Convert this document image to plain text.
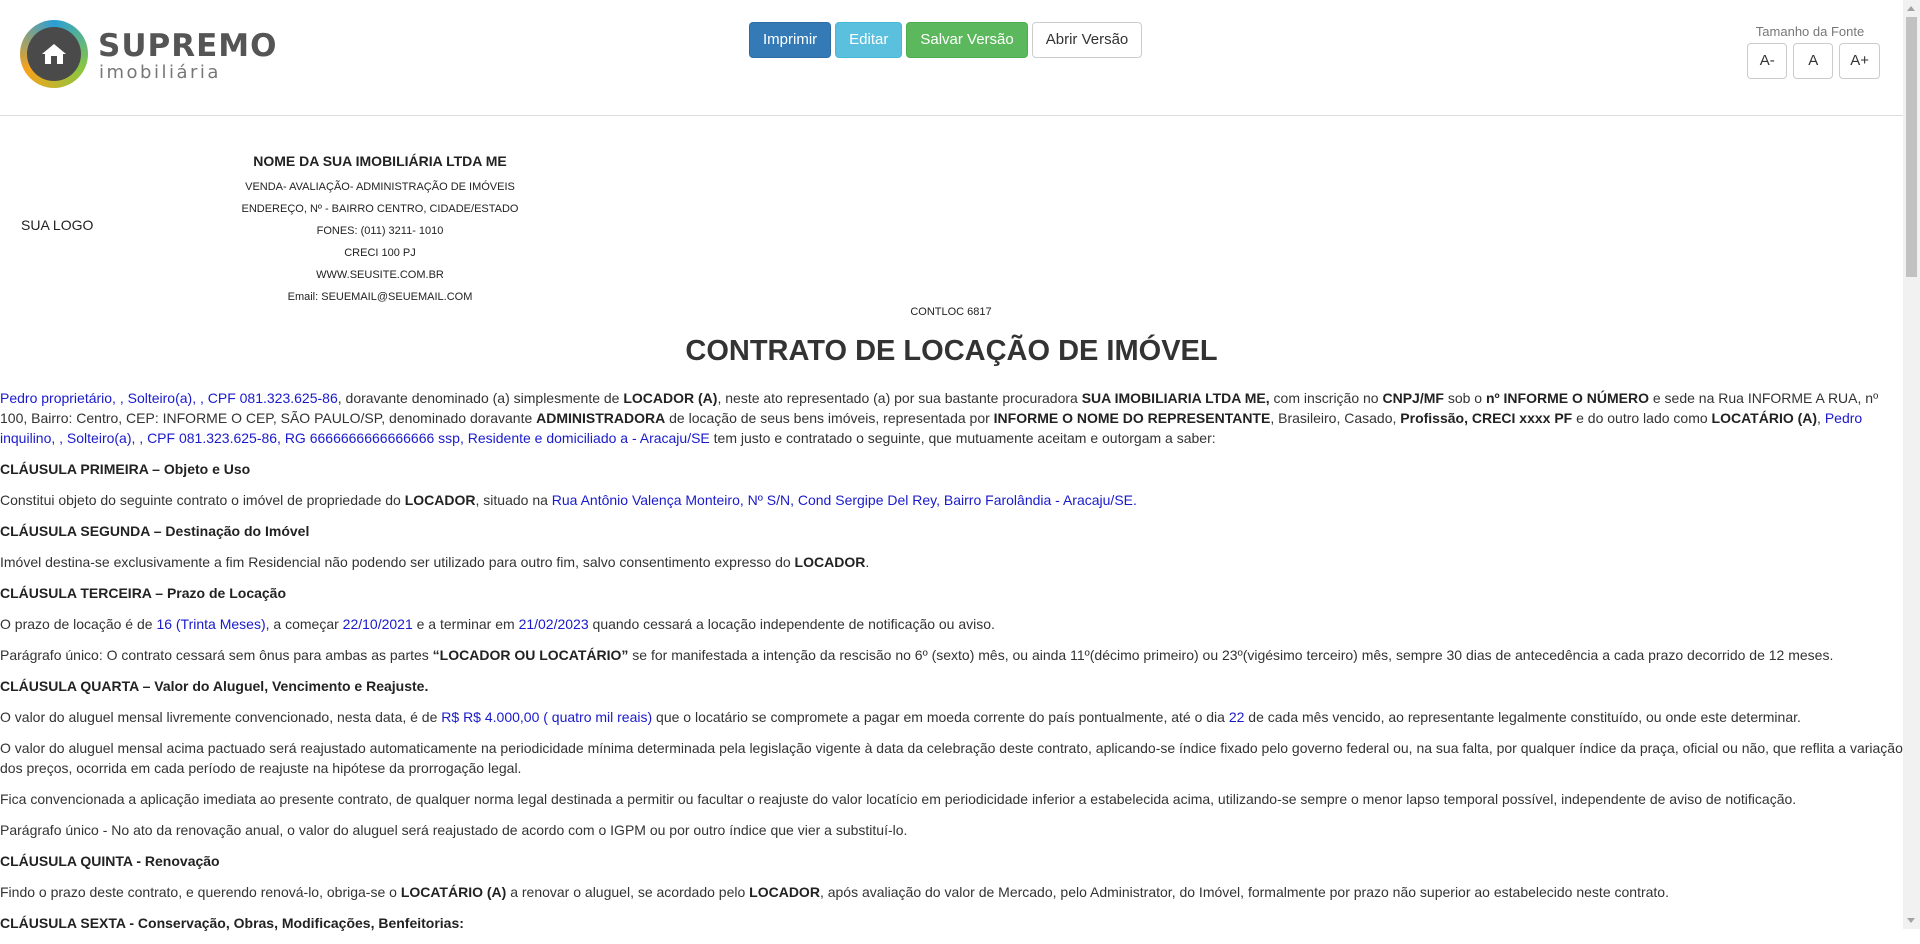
SUPREMO
imobiliária
Imprimir	Editar	Salvar Versão	Abrir Versão	Tamanho da Fonte
A-	A	A+
SUA LOGO
NOME DA SUA IMOBILIÁRIA LTDA ME
VENDA- AVALIAÇÃO- ADMINISTRAÇÃO DE IMÓVEIS
ENDEREÇO, Nº - BAIRRO CENTRO, CIDADE/ESTADO
FONES: (011) 3211- 1010
CRECI 100 PJ
WWW.SEUSITE.COM.BR
Email: SEUEMAIL@SEUEMAIL.COM
CONTLOC 6817
CONTRATO DE LOCAÇÃO DE IMÓVEL

Pedro proprietário, , Solteiro(a), , CPF 081.323.625-86, doravante denominado (a) simplesmente de LOCADOR (A), neste ato representado (a) por sua bastante procuradora SUA IMOBILIARIA LTDA ME, com inscrição no CNPJ/MF sob o nº INFORME O NÚMERO e sede na Rua INFORME A RUA, nº 100, Bairro: Centro, CEP: INFORME O CEP, SÃO PAULO/SP, denominado doravante ADMINISTRADORA de locação de seus bens imóveis, representada por INFORME O NOME DO REPRESENTANTE, Brasileiro, Casado, Profissão, CRECI xxxx PF e do outro lado como LOCATÁRIO (A), Pedro inquilino, , Solteiro(a), , CPF 081.323.625-86, RG 6666666666666666 ssp, Residente e domiciliado a - Aracaju/SE tem justo e contratado o seguinte, que mutuamente aceitam e outorgam a saber:

CLÁUSULA PRIMEIRA – Objeto e Uso

Constitui objeto do seguinte contrato o imóvel de propriedade do LOCADOR, situado na Rua Antônio Valença Monteiro, Nº S/N, Cond Sergipe Del Rey, Bairro Farolândia - Aracaju/SE.

CLÁUSULA SEGUNDA – Destinação do Imóvel

Imóvel destina-se exclusivamente a fim Residencial não podendo ser utilizado para outro fim, salvo consentimento expresso do LOCADOR.

CLÁUSULA TERCEIRA – Prazo de Locação

O prazo de locação é de 16 (Trinta Meses), a começar 22/10/2021 e a terminar em 21/02/2023 quando cessará a locação independente de notificação ou aviso.

Parágrafo único: O contrato cessará sem ônus para ambas as partes “LOCADOR OU LOCATÁRIO” se for manifestada a intenção da rescisão no 6º (sexto) mês, ou ainda 11º(décimo primeiro) ou 23º(vigésimo terceiro) mês, sempre 30 dias de antecedência a cada prazo decorrido de 12 meses.

CLÁUSULA QUARTA – Valor do Aluguel, Vencimento e Reajuste.

O valor do aluguel mensal livremente convencionado, nesta data, é de R$ R$ 4.000,00 ( quatro mil reais) que o locatário se compromete a pagar em moeda corrente do país pontualmente, até o dia 22 de cada mês vencido, ao representante legalmente constituído, ou onde este determinar.

O valor do aluguel mensal acima pactuado será reajustado automaticamente na periodicidade mínima determinada pela legislação vigente à data da celebração deste contrato, aplicando-se índice fixado pelo governo federal ou, na sua falta, por qualquer índice da praça, oficial ou não, que reflita a variação dos preços, ocorrida em cada período de reajuste na hipótese da prorrogação legal.

Fica convencionada a aplicação imediata ao presente contrato, de qualquer norma legal destinada a permitir ou facultar o reajuste do valor locatício em periodicidade inferior a estabelecida acima, utilizando-se sempre o menor lapso temporal possível, independente de aviso de notificação.

Parágrafo único - No ato da renovação anual, o valor do aluguel será reajustado de acordo com o IGPM ou por outro índice que vier a substituí-lo.

CLÁUSULA QUINTA - Renovação

Findo o prazo deste contrato, e querendo renová-lo, obriga-se o LOCATÁRIO (A) a renovar o aluguel, se acordado pelo LOCADOR, após avaliação do valor de Mercado, pelo Administrator, do Imóvel, formalmente por prazo não superior ao estabelecido neste contrato.

CLÁUSULA SEXTA - Conservação, Obras, Modificações, Benfeitorias:
